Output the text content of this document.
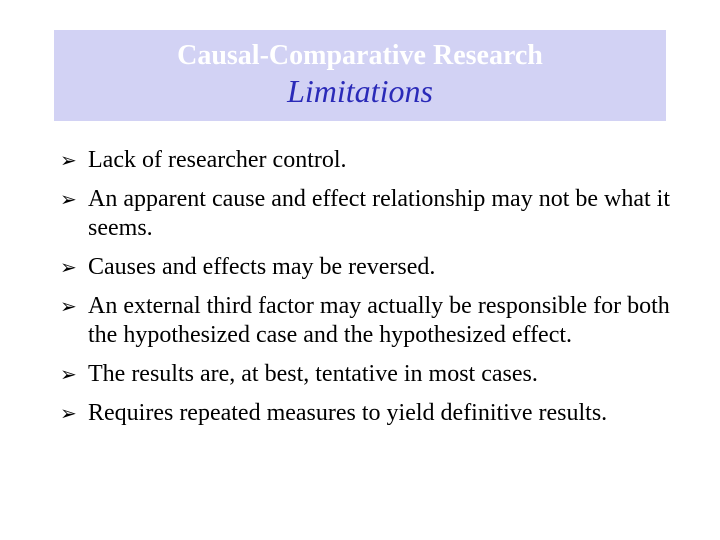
Causal-Comparative Research
Limitations
➢ Lack of researcher control.
➢ An apparent cause and effect relationship may not be what it seems.
➢ Causes and effects may be reversed.
➢ An external third factor may actually be responsible for both the hypothesized case and the hypothesized effect.
➢ The results are, at best, tentative in most cases.
➢ Requires repeated measures to yield definitive results.
